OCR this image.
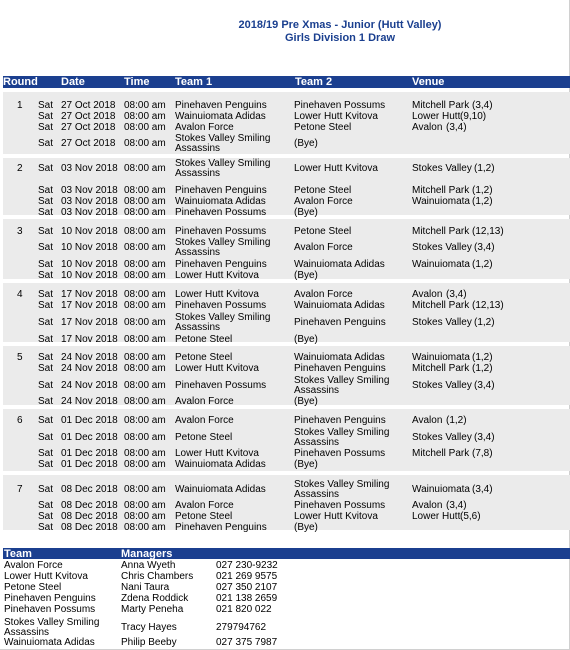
2018/19 Pre Xmas - Junior (Hutt Valley)
Girls Division 1 Draw
Round Date	Time Team 1	Team 2	Venue
1 Sat 27 Oct 2018 08:00 am Pinehaven Penguins	Pinehaven Possums	Mitchell Park (3,4)
Sat 27 Oct 2018 08:00 am Wainuiomata Adidas	Lower Hutt Kvitova	Lower Hutt (9,10)
Sat 27 Oct 2018 08:00 am Avalon Force	Petone Steel	Avalon (3,4)
Sat 27 Oct 2018 08:00 am Stokes Valley Smiling Assassins	(Bye)
2 Sat 03 Nov 2018 08:00 am Stokes Valley Smiling Assassins	Lower Hutt Kvitova	Stokes Valley (1,2)
Sat 03 Nov 2018 08:00 am Pinehaven Penguins	Petone Steel	Mitchell Park (1,2)
Sat 03 Nov 2018 08:00 am Wainuiomata Adidas	Avalon Force	Wainuiomata (1,2)
Sat 03 Nov 2018 08:00 am Pinehaven Possums	(Bye)
3 Sat 10 Nov 2018 08:00 am Pinehaven Possums	Petone Steel	Mitchell Park (12,13)
Sat 10 Nov 2018 08:00 am Stokes Valley Smiling Assassins	Avalon Force	Stokes Valley (3,4)
Sat 10 Nov 2018 08:00 am Pinehaven Penguins	Wainuiomata Adidas	Wainuiomata (1,2)
Sat 10 Nov 2018 08:00 am Lower Hutt Kvitova	(Bye)
4 Sat 17 Nov 2018 08:00 am Lower Hutt Kvitova	Avalon Force	Avalon (3,4)
Sat 17 Nov 2018 08:00 am Pinehaven Possums	Wainuiomata Adidas	Mitchell Park (12,13)
Sat 17 Nov 2018 08:00 am Stokes Valley Smiling Assassins	Pinehaven Penguins	Stokes Valley (1,2)
Sat 17 Nov 2018 08:00 am Petone Steel	(Bye)
5 Sat 24 Nov 2018 08:00 am Petone Steel	Wainuiomata Adidas	Wainuiomata (1,2)
Sat 24 Nov 2018 08:00 am Lower Hutt Kvitova	Pinehaven Penguins	Mitchell Park (1,2)
Sat 24 Nov 2018 08:00 am Pinehaven Possums	Stokes Valley Smiling Assassins	Stokes Valley (3,4)
Sat 24 Nov 2018 08:00 am Avalon Force	(Bye)
6 Sat 01 Dec 2018 08:00 am Avalon Force	Pinehaven Penguins	Avalon (1,2)
Sat 01 Dec 2018 08:00 am Petone Steel	Stokes Valley Smiling Assassins	Stokes Valley (3,4)
Sat 01 Dec 2018 08:00 am Lower Hutt Kvitova	Pinehaven Possums	Mitchell Park (7,8)
Sat 01 Dec 2018 08:00 am Wainuiomata Adidas	(Bye)
7 Sat 08 Dec 2018 08:00 am Wainuiomata Adidas	Stokes Valley Smiling Assassins	Wainuiomata (3,4)
Sat 08 Dec 2018 08:00 am Avalon Force	Pinehaven Possums	Avalon (3,4)
Sat 08 Dec 2018 08:00 am Petone Steel	Lower Hutt Kvitova	Lower Hutt (5,6)
Sat 08 Dec 2018 08:00 am Pinehaven Penguins	(Bye)
Team	Managers
Avalon Force	Anna Wyeth	027 230-9232
Lower Hutt Kvitova	Chris Chambers 021 269 9575
Petone Steel	Nani Taura	027 350 2107
Pinehaven Penguins	Zdena Roddick	021 138 2659
Pinehaven Possums	Marty Peneha	021 820 022
Stokes Valley Smiling Assassins	Tracy Hayes	279794762
Wainuiomata Adidas	Philip Beeby	027 375 7987
